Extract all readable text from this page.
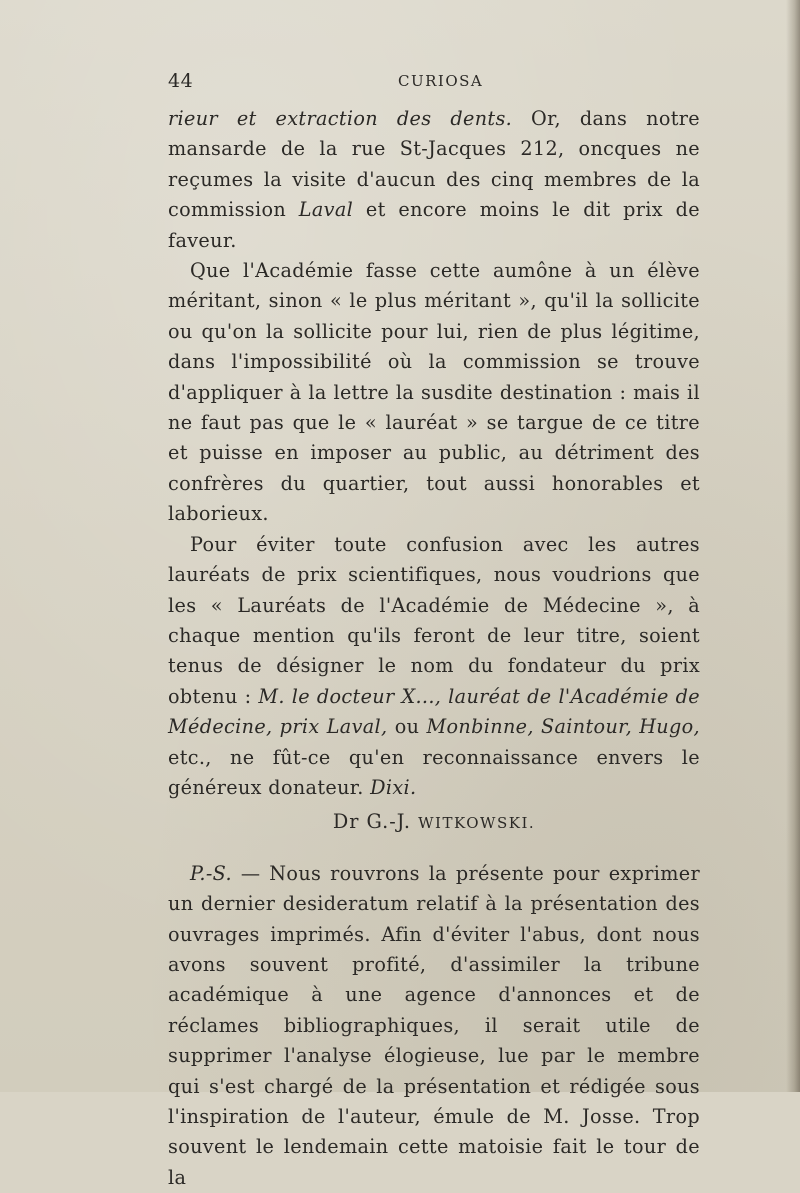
44	CURIOSA

rieur et extraction des dents. Or, dans notre mansarde de la rue St-Jacques 212, oncques ne reçumes la visite d'aucun des cinq membres de la commission Laval et encore moins le dit prix de faveur.

Que l'Académie fasse cette aumône à un élève méritant, sinon « le plus méritant », qu'il la sollicite ou qu'on la sollicite pour lui, rien de plus légitime, dans l'impossibilité où la commission se trouve d'appliquer à la lettre la susdite destination : mais il ne faut pas que le « lauréat » se targue de ce titre et puisse en imposer au public, au détriment des confrères du quartier, tout aussi honorables et laborieux.

Pour éviter toute confusion avec les autres lauréats de prix scientifiques, nous voudrions que les « Lauréats de l'Académie de Médecine », à chaque mention qu'ils feront de leur titre, soient tenus de désigner le nom du fondateur du prix obtenu : M. le docteur X..., lauréat de l'Académie de Médecine, prix Laval, ou Monbinne, Saintour, Hugo, etc., ne fût-ce qu'en reconnaissance envers le généreux donateur. Dixi.

Dr G.-J. WITKOWSKI.

P.-S. — Nous rouvrons la présente pour exprimer un dernier desideratum relatif à la présentation des ouvrages imprimés. Afin d'éviter l'abus, dont nous avons souvent profité, d'assimiler la tribune académique à une agence d'annonces et de réclames bibliographiques, il serait utile de supprimer l'analyse élogieuse, lue par le membre qui s'est chargé de la présentation et rédigée sous l'inspiration de l'auteur, émule de M. Josse. Trop souvent le lendemain cette matoisie fait le tour de la
